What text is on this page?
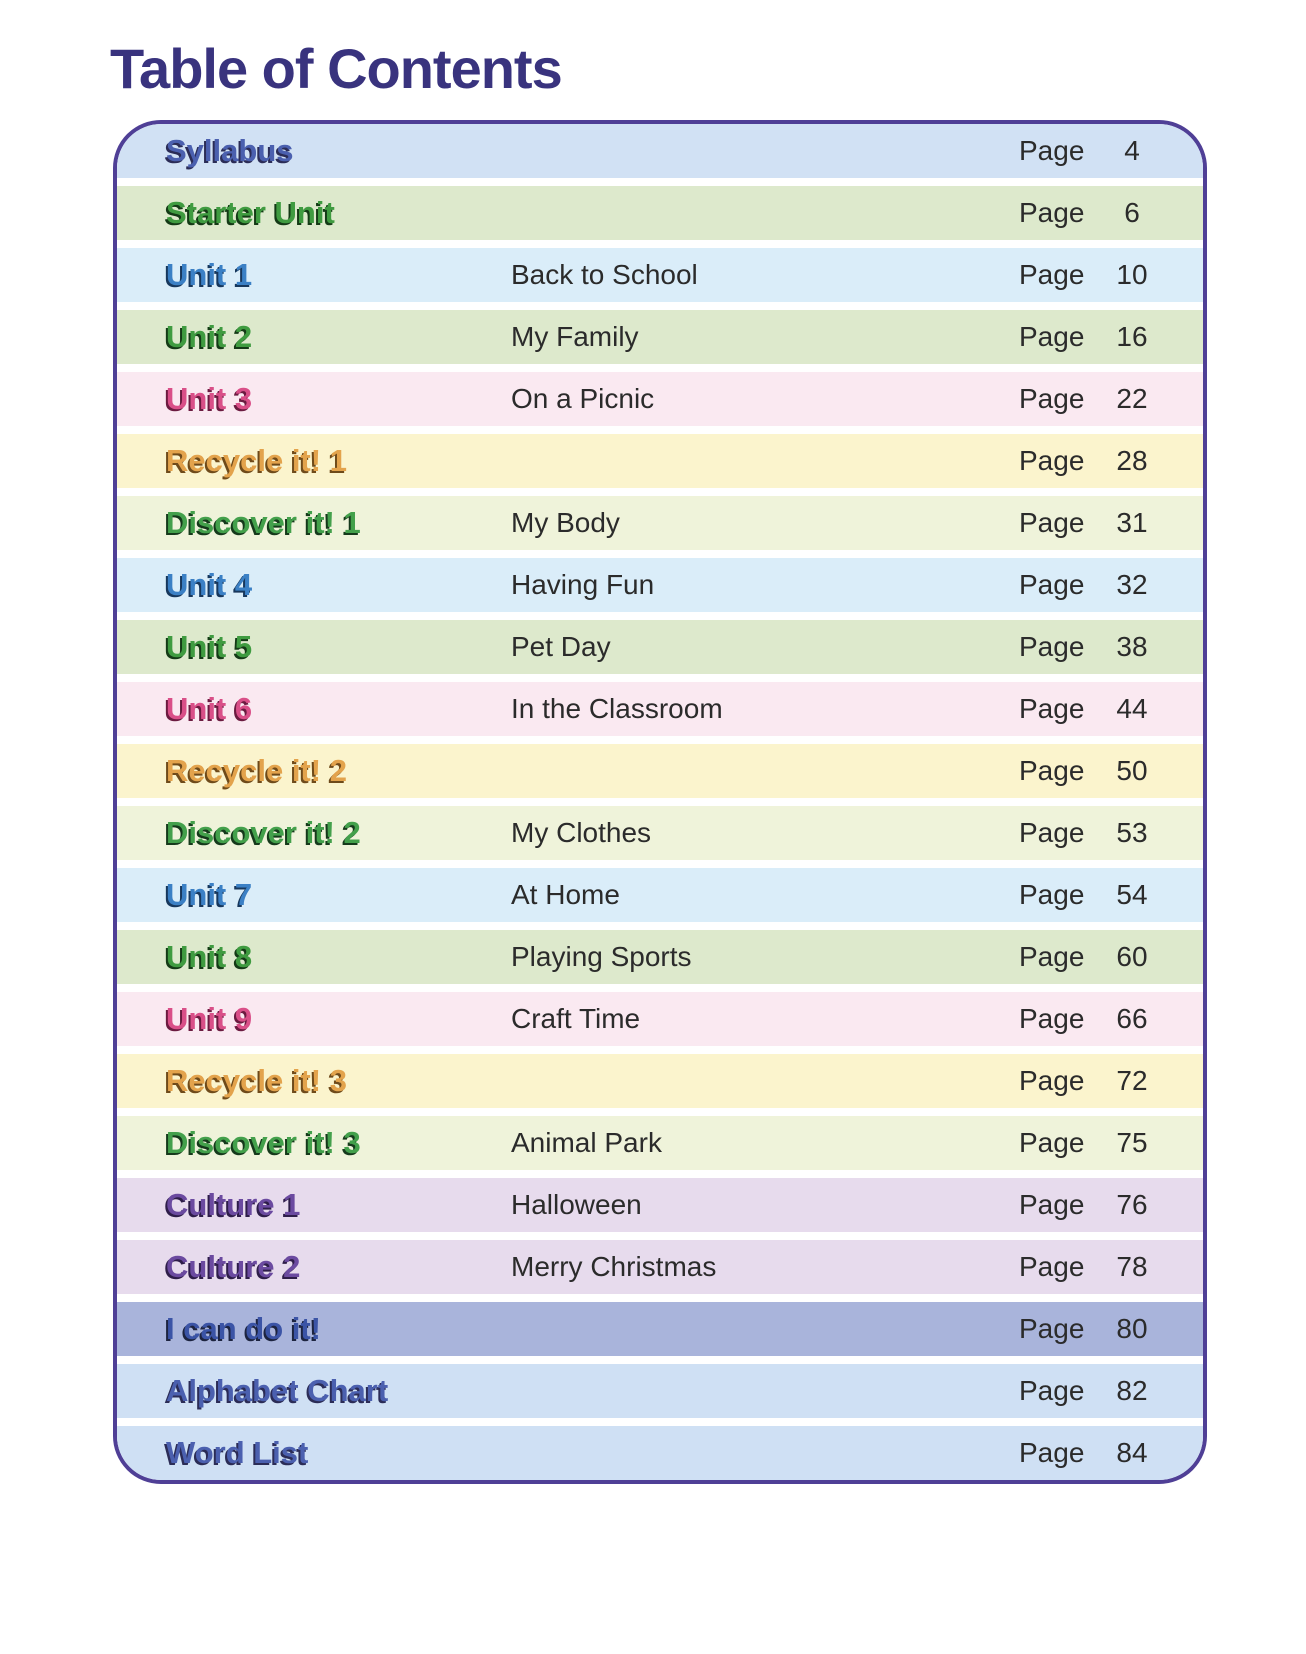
Table of Contents
Syllabus	Page	4
Starter Unit	Page	6
Unit 1	Back to School	Page	10
Unit 2	My Family	Page	16
Unit 3	On a Picnic	Page	22
Recycle it! 1	Page	28
Discover it! 1	My Body	Page	31
Unit 4	Having Fun	Page	32
Unit 5	Pet Day	Page	38
Unit 6	In the Classroom	Page	44
Recycle it! 2	Page	50
Discover it! 2	My Clothes	Page	53
Unit 7	At Home	Page	54
Unit 8	Playing Sports	Page	60
Unit 9	Craft Time	Page	66
Recycle it! 3	Page	72
Discover it! 3	Animal Park	Page	75
Culture 1	Halloween	Page	76
Culture 2	Merry Christmas	Page	78
I can do it!	Page	80
Alphabet Chart	Page	82
Word List	Page	84
